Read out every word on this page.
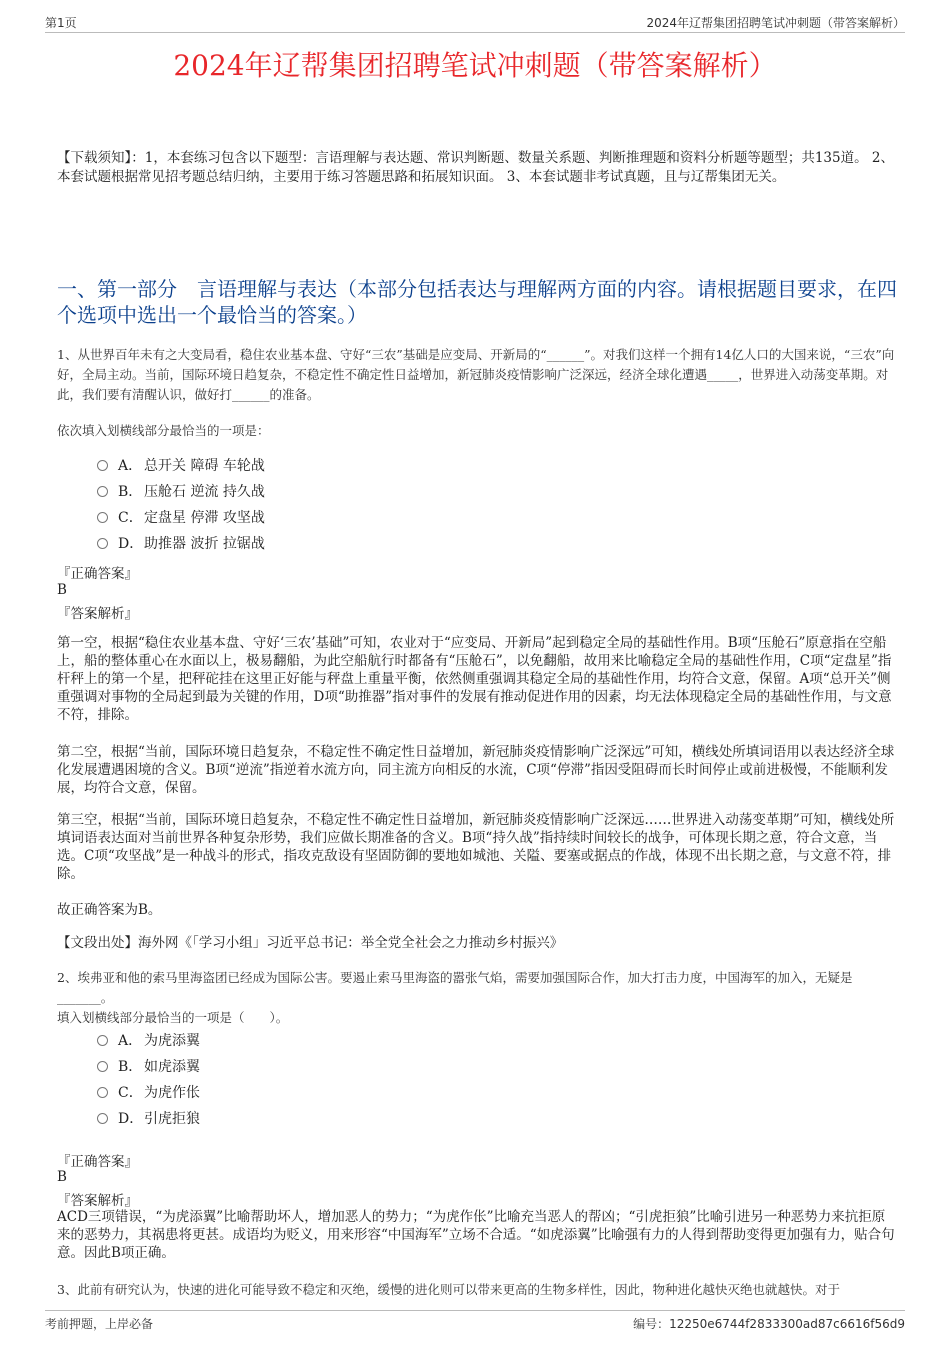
第1页	2024年辽帮集团招聘笔试冲刺题（带答案解析）
2024年辽帮集团招聘笔试冲刺题（带答案解析）
【下载须知】：1，本套练习包含以下题型：言语理解与表达题、常识判断题、数量关系题、判断推理题和资料分析题等题型；共135道。 2、本套试题根据常见招考题总结归纳，主要用于练习答题思路和拓展知识面。 3、本套试题非考试真题，且与辽帮集团无关。
一、第一部分　言语理解与表达（本部分包括表达与理解两方面的内容。请根据题目要求，在四个选项中选出一个最恰当的答案。）
1、从世界百年未有之大变局看，稳住农业基本盘、守好“三农”基础是应变局、开新局的“______”。对我们这样一个拥有14亿人口的大国来说，“三农”向好，全局主动。当前，国际环境日趋复杂，不稳定性不确定性日益增加，新冠肺炎疫情影响广泛深远，经济全球化遭遇_____，世界进入动荡变革期。对此，我们要有清醒认识，做好打______的准备。
依次填入划横线部分最恰当的一项是：
A． 总开关 障碍 车轮战
B． 压舱石 逆流 持久战
C．定盘星 停滞 攻坚战
D．助推器 波折 拉锯战
『正确答案』
B
『答案解析』
第一空，根据“稳住农业基本盘、守好‘三农’基础”可知，农业对于“应变局、开新局”起到稳定全局的基础性作用。B项“压舱石”原意指在空船上，船的整体重心在水面以上，极易翻船，为此空船航行时都备有“压舱石”，以免翻船，故用来比喻稳定全局的基础性作用，C项“定盘星”指杆秤上的第一个星，把秤砣挂在这里正好能与秤盘上重量平衡，依然侧重强调其稳定全局的基础性作用，均符合文意，保留。A项“总开关”侧重强调对事物的全局起到最为关键的作用，D项“助推器”指对事件的发展有推动促进作用的因素，均无法体现稳定全局的基础性作用，与文意不符，排除。
第二空，根据“当前，国际环境日趋复杂，不稳定性不确定性日益增加，新冠肺炎疫情影响广泛深远”可知，横线处所填词语用以表达经济全球化发展遭遇困境的含义。B项“逆流”指逆着水流方向，同主流方向相反的水流，C项“停滞”指因受阻碍而长时间停止或前进极慢，不能顺利发展，均符合文意，保留。
第三空，根据“当前，国际环境日趋复杂，不稳定性不确定性日益增加，新冠肺炎疫情影响广泛深远……世界进入动荡变革期”可知，横线处所填词语表达面对当前世界各种复杂形势，我们应做长期准备的含义。B项“持久战”指持续时间较长的战争，可体现长期之意，符合文意，当选。C项“攻坚战”是一种战斗的形式，指攻克敌设有坚固防御的要地如城池、关隘、要塞或据点的作战，体现不出长期之意，与文意不符，排除。
故正确答案为B。
【文段出处】海外网《「学习小组」习近平总书记：举全党全社会之力推动乡村振兴》
2、埃弗亚和他的索马里海盗团已经成为国际公害。要遏止索马里海盗的嚣张气焰，需要加强国际合作，加大打击力度，中国海军的加入，无疑是_______。
填入划横线部分最恰当的一项是（　　）。
A． 为虎添翼
B． 如虎添翼
C．为虎作伥
D．引虎拒狼
『正确答案』
B
『答案解析』
ACD三项错误，“为虎添翼”比喻帮助坏人，增加恶人的势力；“为虎作伥”比喻充当恶人的帮凶；“引虎拒狼”比喻引进另一种恶势力来抗拒原来的恶势力，其祸患将更甚。成语均为贬义，用来形容“中国海军”立场不合适。“如虎添翼”比喻强有力的人得到帮助变得更加强有力，贴合句意。因此B项正确。
3、此前有研究认为，快速的进化可能导致不稳定和灭绝，缓慢的进化则可以带来更高的生物多样性，因此，物种进化越快灭绝也就越快。对于
考前押题，上岸必备	编号：12250e6744f2833300ad87c6616f56d9
